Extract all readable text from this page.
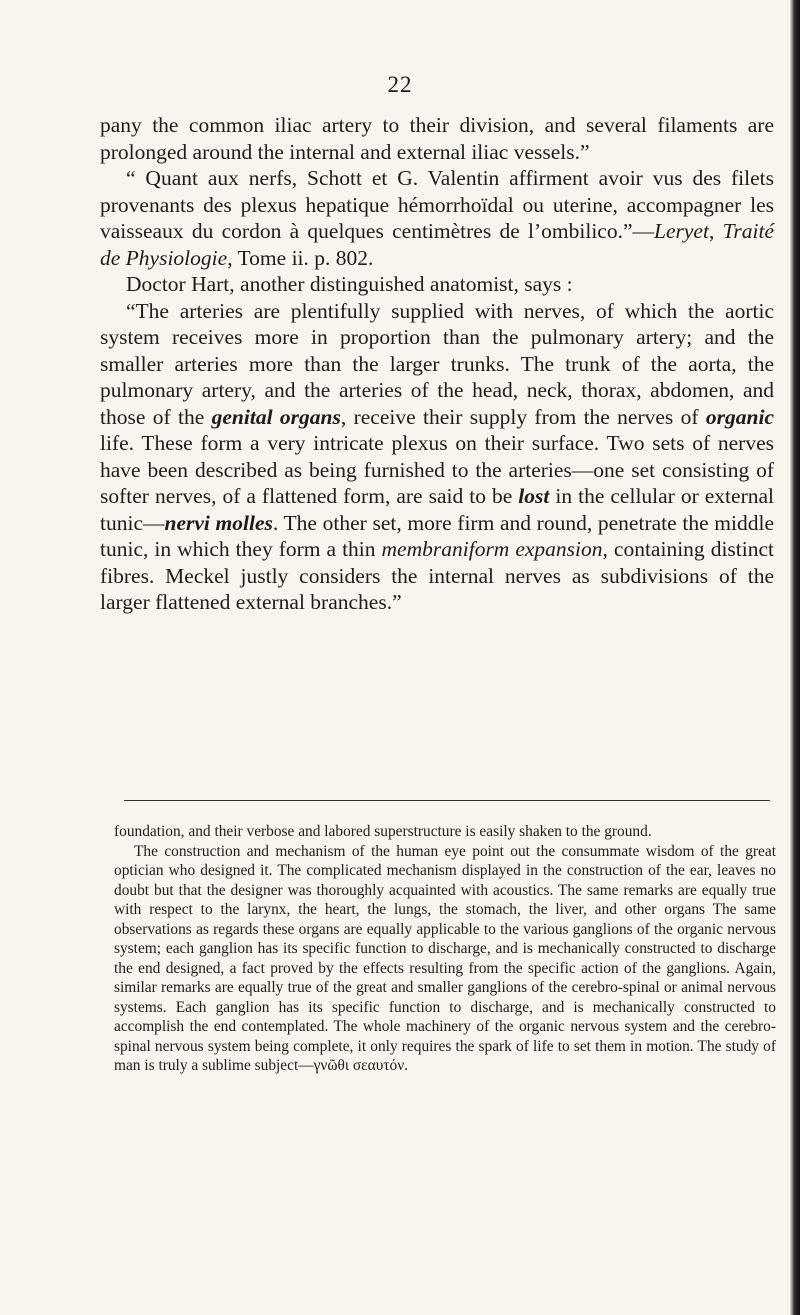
22

pany the common iliac artery to their division, and several filaments are prolonged around the internal and external iliac vessels.”

“ Quant aux nerfs, Schott et G. Valentin affirment avoir vus des filets provenants des plexus hepatique hémorrhoïdal ou uterine, accompagner les vaisseaux du cordon à quelques centimètres de l’ombilico.”—Leryet, Traité de Physiologie, Tome ii. p. 802.

Doctor Hart, another distinguished anatomist, says :

“The arteries are plentifully supplied with nerves, of which the aortic system receives more in proportion than the pulmonary artery; and the smaller arteries more than the larger trunks. The trunk of the aorta, the pulmonary artery, and the arteries of the head, neck, thorax, abdomen, and those of the genital organs, receive their supply from the nerves of organic life. These form a very intricate plexus on their surface. Two sets of nerves have been described as being furnished to the arteries—one set consisting of softer nerves, of a flattened form, are said to be lost in the cellular or external tunic—nervi molles. The other set, more firm and round, penetrate the middle tunic, in which they form a thin membraniform expansion, containing distinct fibres. Meckel justly considers the internal nerves as subdivisions of the larger flattened external branches.”

foundation, and their verbose and labored superstructure is easily shaken to the ground.

The construction and mechanism of the human eye point out the consummate wisdom of the great optician who designed it. The complicated mechanism displayed in the construction of the ear, leaves no doubt but that the designer was thoroughly acquainted with acoustics. The same remarks are equally true with respect to the larynx, the heart, the lungs, the stomach, the liver, and other organs The same observations as regards these organs are equally applicable to the various ganglions of the organic nervous system; each ganglion has its specific function to discharge, and is mechanically constructed to discharge the end designed, a fact proved by the effects resulting from the specific action of the ganglions. Again, similar remarks are equally true of the great and smaller ganglions of the cerebro-spinal or animal nervous systems. Each ganglion has its specific function to discharge, and is mechanically constructed to accomplish the end contemplated. The whole machinery of the organic nervous system and the cerebro-spinal nervous system being complete, it only requires the spark of life to set them in motion. The study of man is truly a sublime subject—γνῶθι σεαυτόν.
